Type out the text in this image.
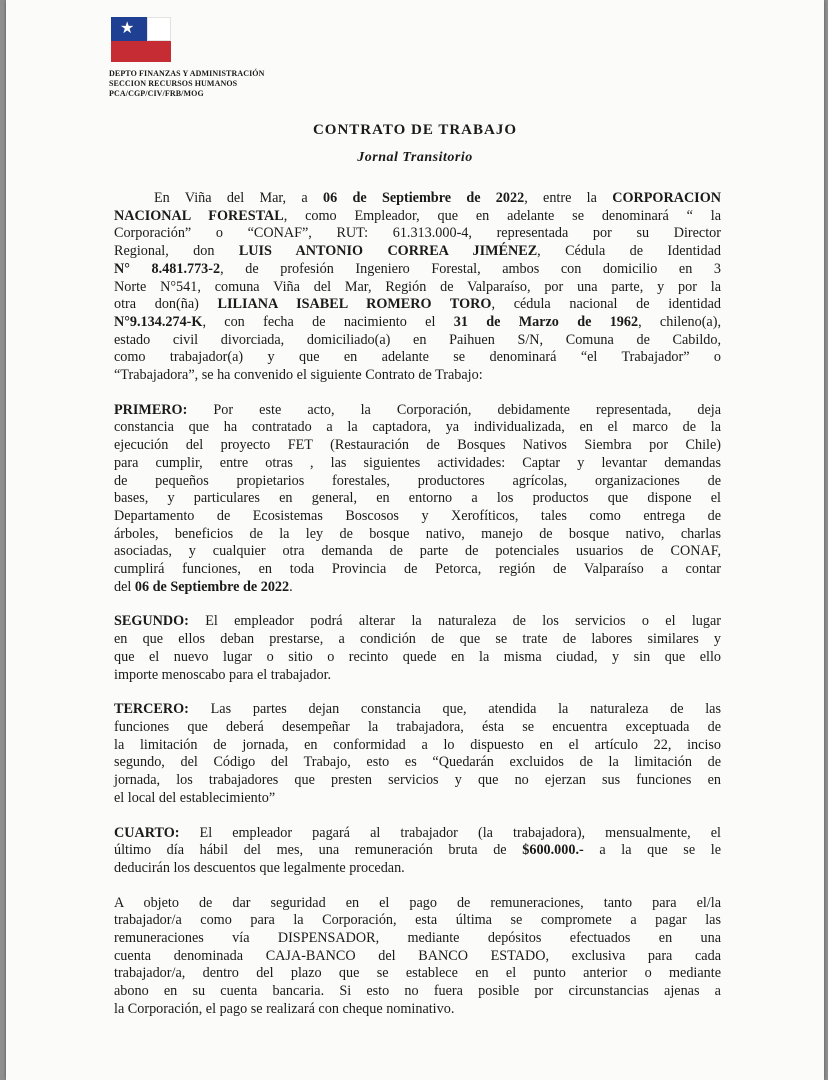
★
DEPTO FINANZAS Y ADMINISTRACIÓN
SECCION RECURSOS HUMANOS
PCA/CGP/CIV/FRB/MOG
CONTRATO DE TRABAJO
Jornal Transitorio
En Viña del Mar, a 06 de Septiembre de 2022, entre la CORPORACION
NACIONAL FORESTAL, como Empleador, que en adelante se denominará “ la
Corporación” o “CONAF”, RUT: 61.313.000-4, representada por su Director
Regional, don LUIS ANTONIO CORREA JIMÉNEZ, Cédula de Identidad
N° 8.481.773-2, de profesión Ingeniero Forestal, ambos con domicilio en 3
Norte N°541, comuna Viña del Mar, Región de Valparaíso, por una parte, y por la
otra don(ña) LILIANA ISABEL ROMERO TORO, cédula nacional de identidad
N°9.134.274-K, con fecha de nacimiento el 31 de Marzo de 1962, chileno(a),
estado civil divorciada, domiciliado(a) en Paihuen S/N, Comuna de Cabildo,
como trabajador(a) y que en adelante se denominará “el Trabajador” o
“Trabajadora”, se ha convenido el siguiente Contrato de Trabajo:
PRIMERO: Por este acto, la Corporación, debidamente representada, deja
constancia que ha contratado a la captadora, ya individualizada, en el marco de la
ejecución del proyecto FET (Restauración de Bosques Nativos Siembra por Chile)
para cumplir, entre otras , las siguientes actividades: Captar y levantar demandas
de pequeños propietarios forestales, productores agrícolas, organizaciones de
bases, y particulares en general, en entorno a los productos que dispone el
Departamento de Ecosistemas Boscosos y Xerofíticos, tales como entrega de
árboles, beneficios de la ley de bosque nativo, manejo de bosque nativo, charlas
asociadas, y cualquier otra demanda de parte de potenciales usuarios de CONAF,
cumplirá funciones, en toda Provincia de Petorca, región de Valparaíso a contar
del 06 de Septiembre de 2022.
SEGUNDO: El empleador podrá alterar la naturaleza de los servicios o el lugar
en que ellos deban prestarse, a condición de que se trate de labores similares y
que el nuevo lugar o sitio o recinto quede en la misma ciudad, y sin que ello
importe menoscabo para el trabajador.
TERCERO: Las partes dejan constancia que, atendida la naturaleza de las
funciones que deberá desempeñar la trabajadora, ésta se encuentra exceptuada de
la limitación de jornada, en conformidad a lo dispuesto en el artículo 22, inciso
segundo, del Código del Trabajo, esto es “Quedarán excluidos de la limitación de
jornada, los trabajadores que presten servicios y que no ejerzan sus funciones en
el local del establecimiento”
CUARTO: El empleador pagará al trabajador (la trabajadora), mensualmente, el
último día hábil del mes, una remuneración bruta de $600.000.- a la que se le
deducirán los descuentos que legalmente procedan.
A objeto de dar seguridad en el pago de remuneraciones, tanto para el/la
trabajador/a como para la Corporación, esta última se compromete a pagar las
remuneraciones vía DISPENSADOR, mediante depósitos efectuados en una
cuenta denominada CAJA-BANCO del BANCO ESTADO, exclusiva para cada
trabajador/a, dentro del plazo que se establece en el punto anterior o mediante
abono en su cuenta bancaria. Si esto no fuera posible por circunstancias ajenas a
la Corporación, el pago se realizará con cheque nominativo.
